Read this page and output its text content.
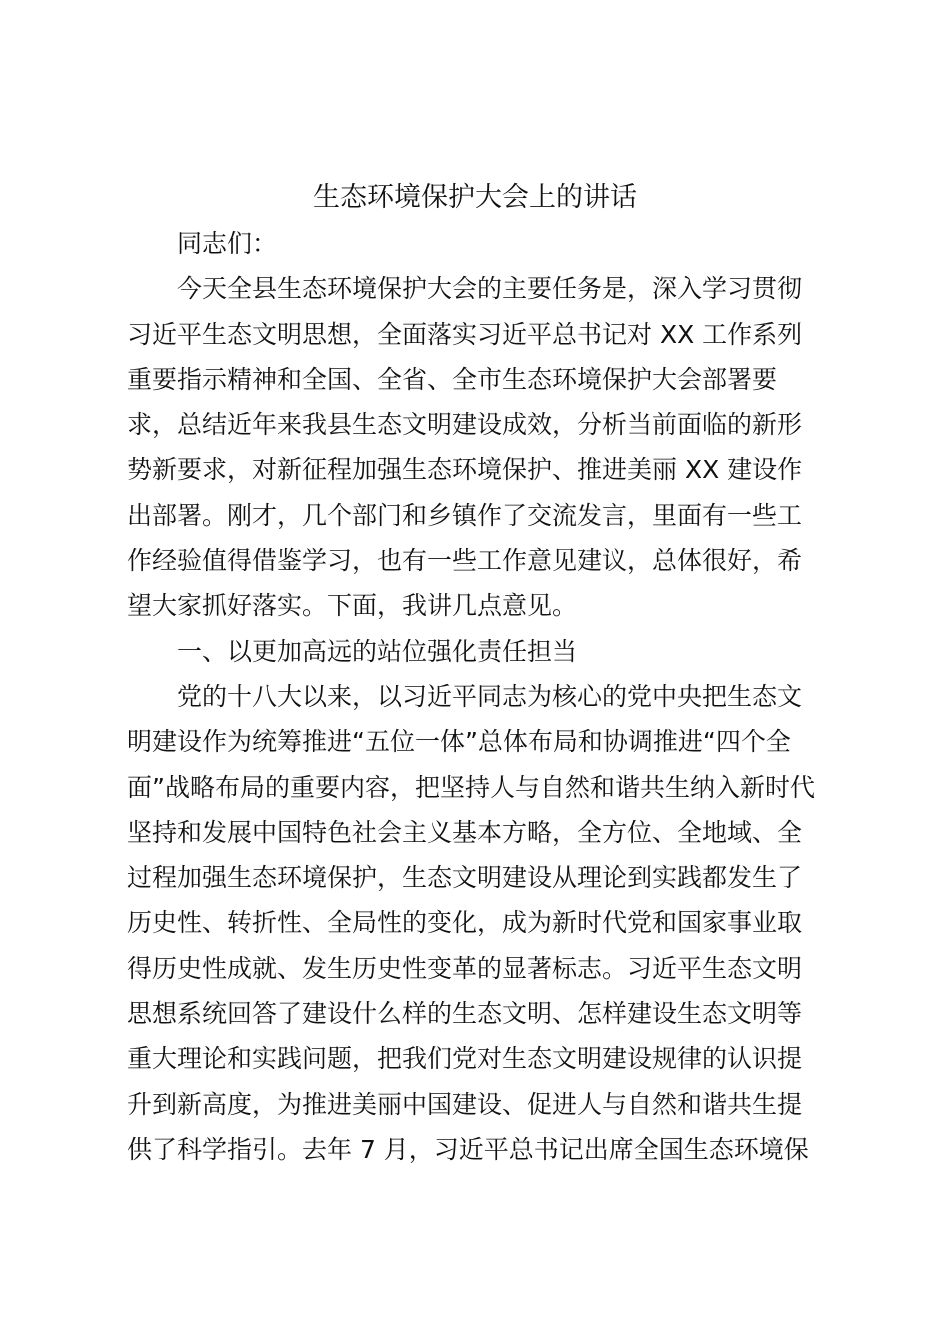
生态环境保护大会上的讲话
同志们：
今天全县生态环境保护大会的主要任务是，深入学习贯彻
习近平生态文明思想，全面落实习近平总书记对 XX 工作系列
重要指示精神和全国、全省、全市生态环境保护大会部署要
求，总结近年来我县生态文明建设成效，分析当前面临的新形
势新要求，对新征程加强生态环境保护、推进美丽 XX 建设作
出部署。刚才，几个部门和乡镇作了交流发言，里面有一些工
作经验值得借鉴学习，也有一些工作意见建议，总体很好，希
望大家抓好落实。下面，我讲几点意见。
一、以更加高远的站位强化责任担当
党的十八大以来，以习近平同志为核心的党中央把生态文
明建设作为统筹推进“五位一体”总体布局和协调推进“四个全
面”战略布局的重要内容，把坚持人与自然和谐共生纳入新时代
坚持和发展中国特色社会主义基本方略，全方位、全地域、全
过程加强生态环境保护，生态文明建设从理论到实践都发生了
历史性、转折性、全局性的变化，成为新时代党和国家事业取
得历史性成就、发生历史性变革的显著标志。习近平生态文明
思想系统回答了建设什么样的生态文明、怎样建设生态文明等
重大理论和实践问题，把我们党对生态文明建设规律的认识提
升到新高度，为推进美丽中国建设、促进人与自然和谐共生提
供了科学指引。去年 7 月，习近平总书记出席全国生态环境保
